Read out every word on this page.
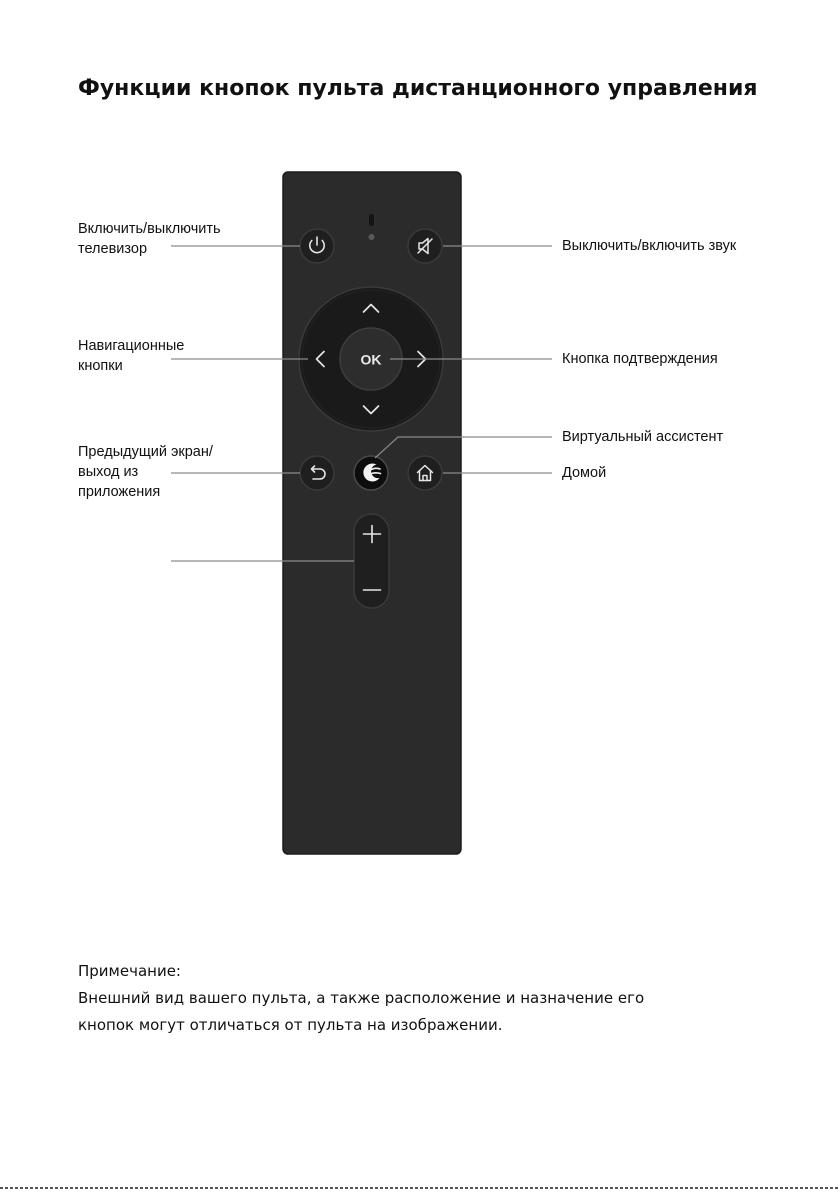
Функции кнопок пульта дистанционного управления
OK
Включить/выключить
телевизор	Выключить/включить звук
Навигационные
кнопки	Кнопка подтверждения
Виртуальный ассистент
Предыдущий экран/
выход из
приложения
Домой
Примечание:
Внешний вид вашего пульта, а также расположение и назначение его
кнопок могут отличаться от пульта на изображении.
